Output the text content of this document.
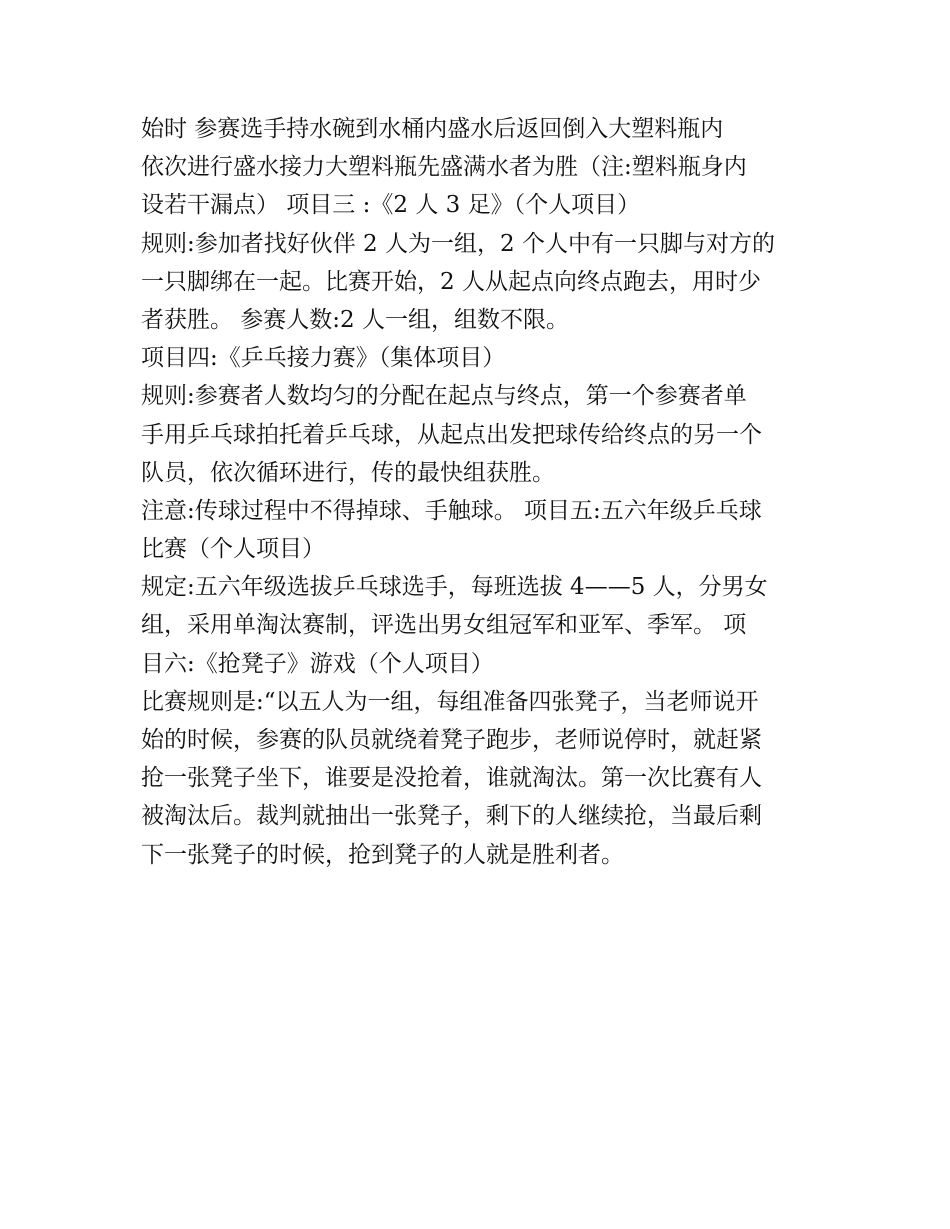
始时 参赛选手持水碗到水桶内盛水后返回倒入大塑料瓶内

依次进行盛水接力大塑料瓶先盛满水者为胜（注:塑料瓶身内

设若干漏点） 项目三 :《2 人 3 足》（个人项目）

规则:参加者找好伙伴 2 人为一组，2 个人中有一只脚与对方的

一只脚绑在一起。比赛开始，2 人从起点向终点跑去，用时少

者获胜。 参赛人数:2 人一组，组数不限。

项目四:《乒乓接力赛》（集体项目）

规则:参赛者人数均匀的分配在起点与终点，第一个参赛者单

手用乒乓球拍托着乒乓球，从起点出发把球传给终点的另一个

队员，依次循环进行，传的最快组获胜。

注意:传球过程中不得掉球、手触球。 项目五:五六年级乒乓球

比赛（个人项目）

规定:五六年级选拔乒乓球选手，每班选拔 4——5 人，分男女

组，采用单淘汰赛制，评选出男女组冠军和亚军、季军。 项

目六:《抢凳子》游戏（个人项目）

比赛规则是:“以五人为一组，每组准备四张凳子，当老师说开

始的时候，参赛的队员就绕着凳子跑步，老师说停时，就赶紧

抢一张凳子坐下，谁要是没抢着，谁就淘汰。第一次比赛有人

被淘汰后。裁判就抽出一张凳子，剩下的人继续抢，当最后剩

下一张凳子的时候，抢到凳子的人就是胜利者。
